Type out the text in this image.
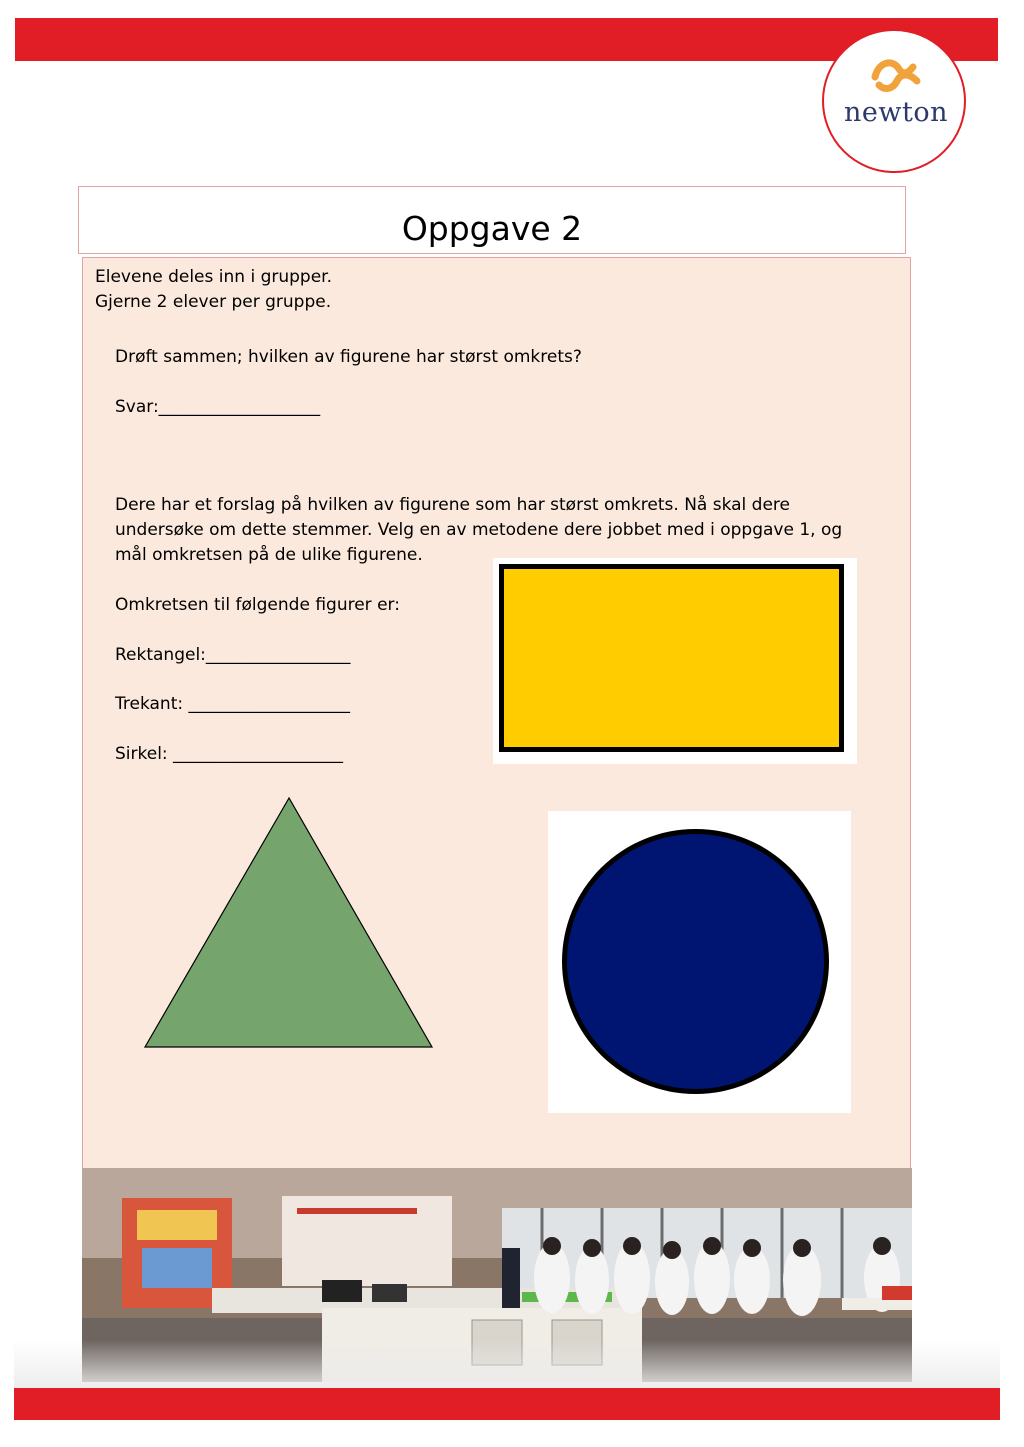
newton
Oppgave 2
Elevene deles inn i grupper.
Gjerne 2 elever per gruppe.
Drøft sammen; hvilken av figurene har størst omkrets?
Svar:___________________
Dere har et forslag på hvilken av figurene som har størst omkrets. Nå skal dere undersøke om dette stemmer. Velg en av metodene dere jobbet med i oppgave 1, og mål omkretsen på de ulike figurene.
Omkretsen til følgende figurer er:
Rektangel:_________________
Trekant: ___________________
Sirkel: ____________________
